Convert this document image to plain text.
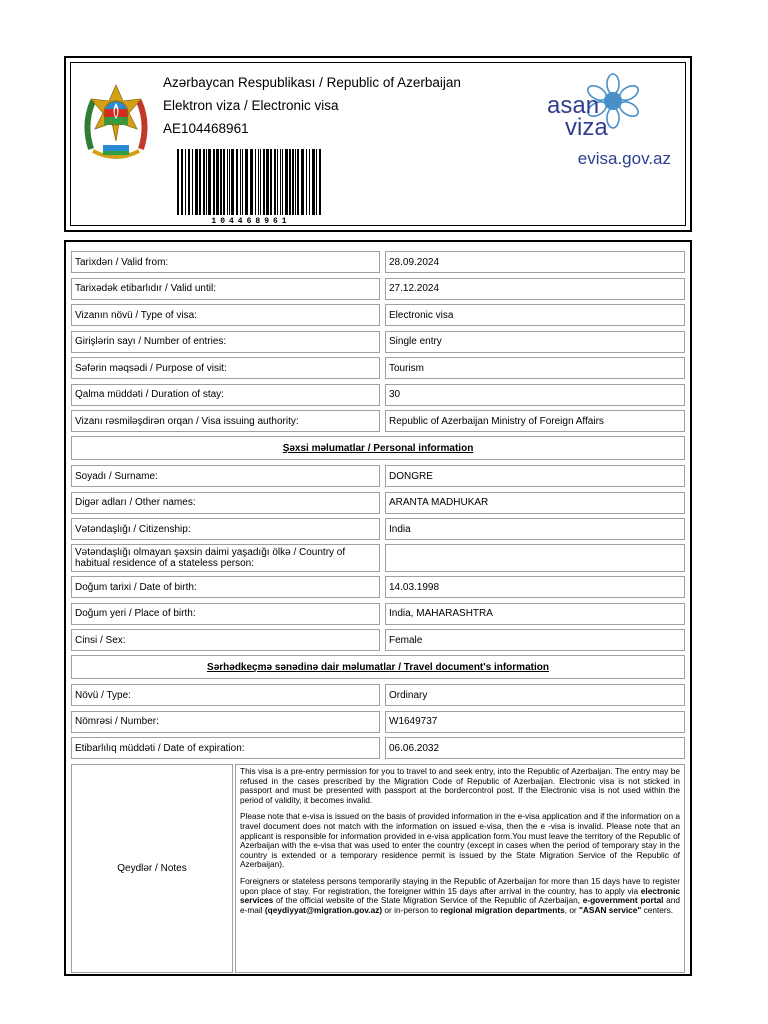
Azərbaycan Respublikası / Republic of Azerbaijan
Elektron viza / Electronic visa
AE104468961
104468961
asan
viza
evisa.gov.az
Tarixdən / Valid from:	28.09.2024
Tarixədək etibarlıdır / Valid until:	27.12.2024
Vizanın növü / Type of visa:	Electronic visa
Girişlərin sayı / Number of entries:	Single entry
Səfərin məqsədi / Purpose of visit:	Tourism
Qalma müddəti / Duration of stay:	30
Vizanı rəsmiləşdirən orqan / Visa issuing authority:	Republic of Azerbaijan Ministry of Foreign Affairs
Şəxsi məlumatlar / Personal information
Soyadı / Surname:	DONGRE
Digər adları / Other names:	ARANTA MADHUKAR
Vətəndaşlığı / Citizenship:	India
Vətəndaşlığı olmayan şəxsin daimi yaşadığı ölkə / Country of habitual residence of a stateless person:
Doğum tarixi / Date of birth:	14.03.1998
Doğum yeri / Place of birth:	India, MAHARASHTRA
Cinsi / Sex:	Female
Sərhədkeçmə sənədinə dair məlumatlar / Travel document's information
Növü / Type:	Ordinary
Nömrəsi / Number:	W1649737
Etibarlılıq müddəti / Date of expiration:	06.06.2032
Qeydlər / Notes

This visa is a pre-entry permission for you to travel to and seek entry, into the Republic of Azerbaijan. The entry may be refused in the cases prescribed by the Migration Code of Republic of Azerbaijan. Electronic visa is not sticked in passport and must be presented with passport at the bordercontrol post. If the Electronic visa is not used within the period of validity, it becomes invalid.

Please note that e-visa is issued on the basis of provided information in the e-visa application and if the information on a travel document does not match with the information on issued e-visa, then the e -visa is invalid. Please note that an applicant is responsible for information provided in e-visa application form.You must leave the territory of the Republic of Azerbaijan with the e-visa that was used to enter the country (except in cases when the period of temporary stay in the country is extended or a temporary residence permit is issued by the State Migration Service of the Republic of Azerbaijan).

Foreigners or stateless persons temporarily staying in the Republic of Azerbaijan for more than 15 days have to register upon place of stay. For registration, the foreigner within 15 days after arrival in the country, has to apply via electronic services of the official website of the State Migration Service of the Republic of Azerbaijan, e-government portal and e-mail (qeydiyyat@migration.gov.az) or in-person to regional migration departments, or "ASAN service" centers.
